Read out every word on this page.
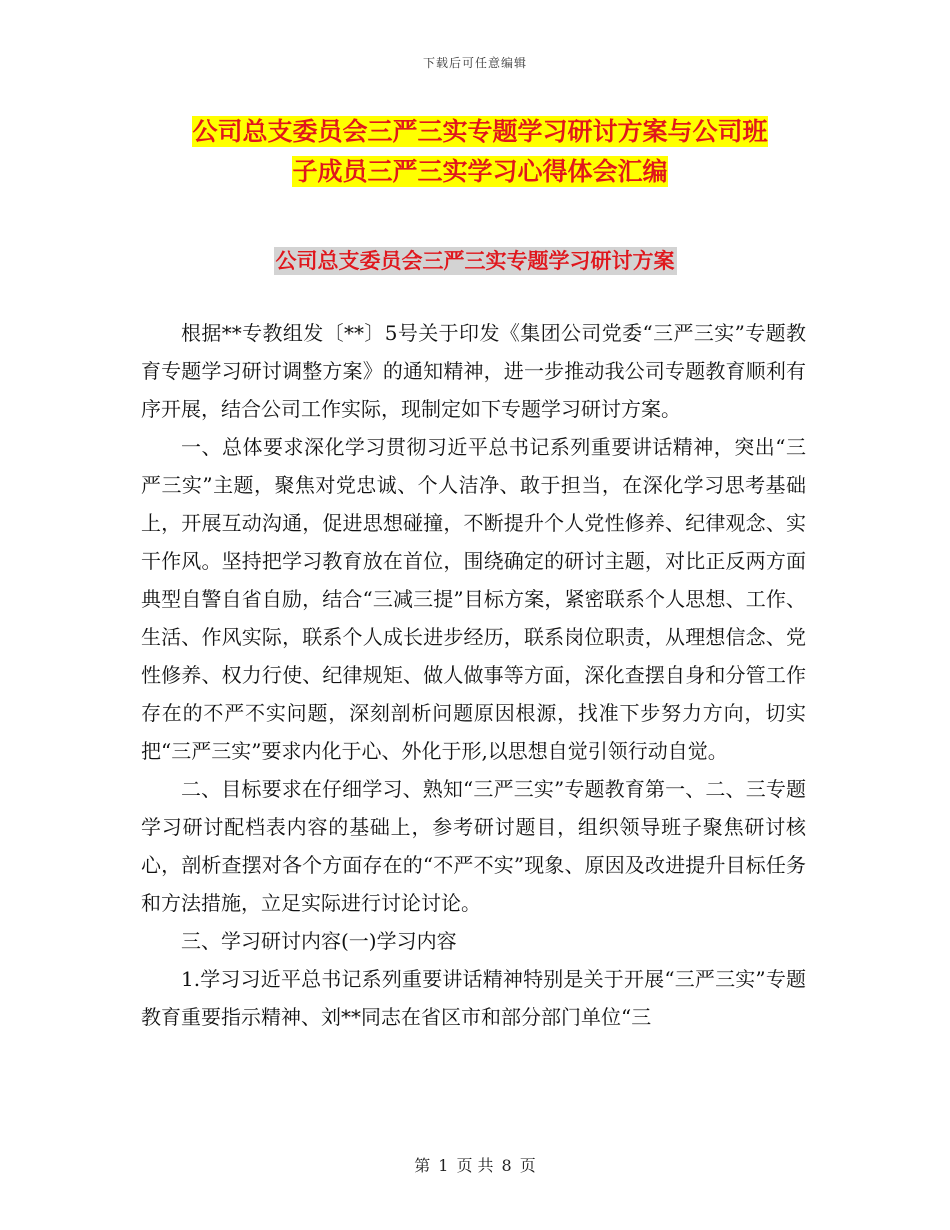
下载后可任意编辑
公司总支委员会三严三实专题学习研讨方案与公司班
子成员三严三实学习心得体会汇编
公司总支委员会三严三实专题学习研讨方案

根据**专教组发〔**〕5号关于印发《集团公司党委“三严三实”专题教育专题学习研讨调整方案》的通知精神，进一步推动我公司专题教育顺利有序开展，结合公司工作实际，现制定如下专题学习研讨方案。

一、总体要求深化学习贯彻习近平总书记系列重要讲话精神，突出“三严三实”主题，聚焦对党忠诚、个人洁净、敢于担当，在深化学习思考基础上，开展互动沟通，促进思想碰撞，不断提升个人党性修养、纪律观念、实干作风。坚持把学习教育放在首位，围绕确定的研讨主题，对比正反两方面典型自警自省自励，结合“三减三提”目标方案，紧密联系个人思想、工作、生活、作风实际，联系个人成长进步经历，联系岗位职责，从理想信念、党性修养、权力行使、纪律规矩、做人做事等方面，深化查摆自身和分管工作存在的不严不实问题，深刻剖析问题原因根源，找准下步努力方向，切实把“三严三实”要求内化于心、外化于形,以思想自觉引领行动自觉。

二、目标要求在仔细学习、熟知“三严三实”专题教育第一、二、三专题学习研讨配档表内容的基础上，参考研讨题目，组织领导班子聚焦研讨核心，剖析查摆对各个方面存在的“不严不实”现象、原因及改进提升目标任务和方法措施，立足实际进行讨论讨论。

三、学习研讨内容(一)学习内容

1.学习习近平总书记系列重要讲话精神特别是关于开展“三严三实”专题教育重要指示精神、刘**同志在省区市和部分部门单位“三

第 1 页 共 8 页
